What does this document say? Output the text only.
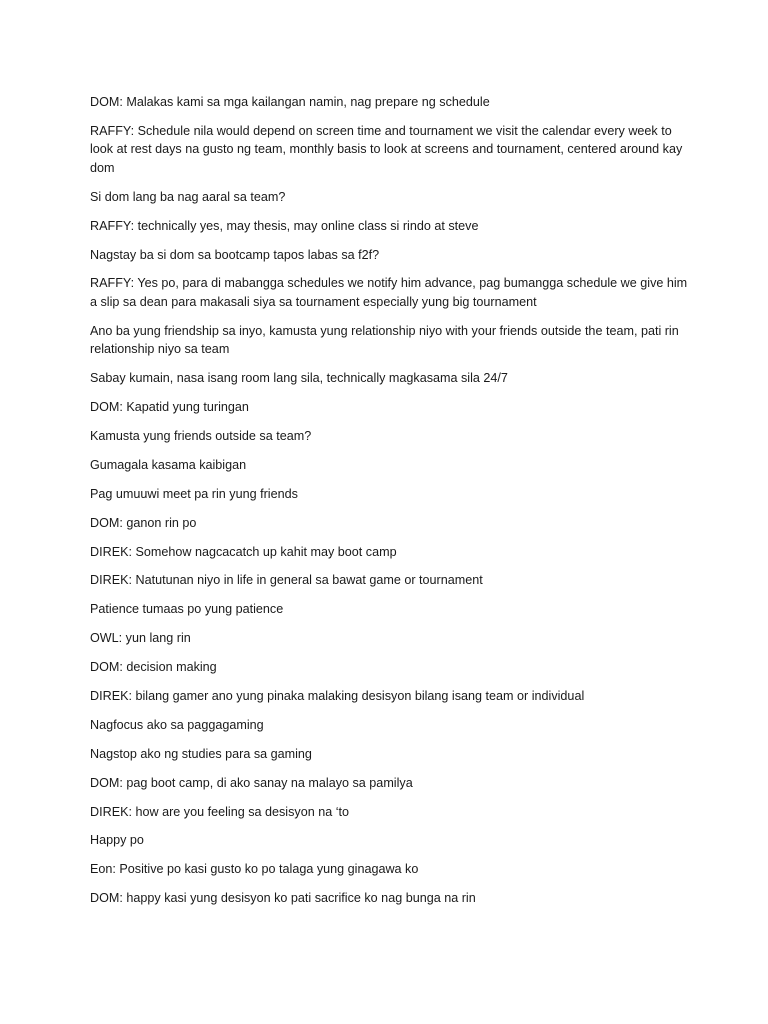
DOM: Malakas kami sa mga kailangan namin, nag prepare ng schedule

RAFFY: Schedule nila would depend on screen time and tournament we visit the calendar every week to look at rest days na gusto ng team, monthly basis to look at screens and tournament, centered around kay dom

Si dom lang ba nag aaral sa team?

RAFFY: technically yes, may thesis, may online class si rindo at steve

Nagstay ba si dom sa bootcamp tapos labas sa f2f?

RAFFY: Yes po, para di mabangga schedules we notify him advance, pag bumangga schedule we give him a slip sa dean para makasali siya sa tournament especially yung big tournament

Ano ba yung friendship sa inyo, kamusta yung relationship niyo with your friends outside the team, pati rin relationship niyo sa team

Sabay kumain, nasa isang room lang sila, technically magkasama sila 24/7

DOM: Kapatid yung turingan

Kamusta yung friends outside sa team?

Gumagala kasama kaibigan

Pag umuuwi meet pa rin yung friends

DOM: ganon rin po

DIREK: Somehow nagcacatch up kahit may boot camp

DIREK: Natutunan niyo in life in general sa bawat game or tournament

Patience tumaas po yung patience

OWL: yun lang rin

DOM: decision making

DIREK: bilang gamer ano yung pinaka malaking desisyon bilang isang team or individual

Nagfocus ako sa paggagaming

Nagstop ako ng studies para sa gaming

DOM: pag boot camp, di ako sanay na malayo sa pamilya

DIREK: how are you feeling sa desisyon na ‘to

Happy po

Eon: Positive po kasi gusto ko po talaga yung ginagawa ko

DOM: happy kasi yung desisyon ko pati sacrifice ko nag bunga na rin
